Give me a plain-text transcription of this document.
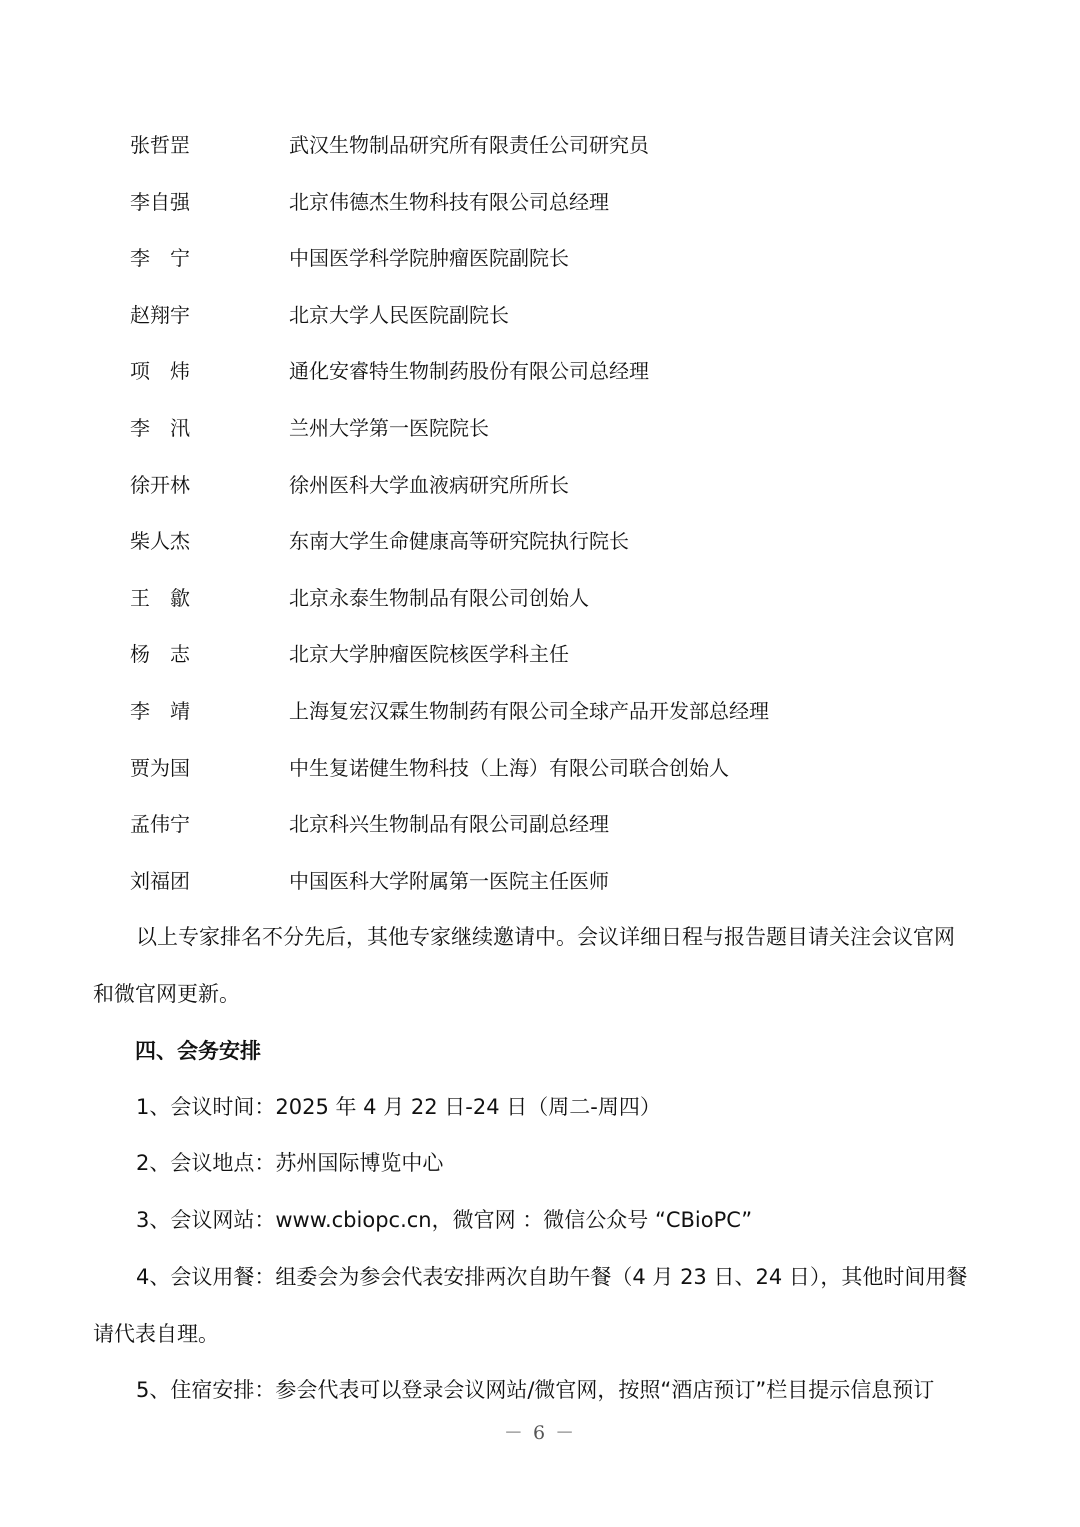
张哲罡	武汉生物制品研究所有限责任公司研究员
李自强	北京伟德杰生物科技有限公司总经理
李　宁	中国医学科学院肿瘤医院副院长
赵翔宇	北京大学人民医院副院长
项　炜	通化安睿特生物制药股份有限公司总经理
李　汛	兰州大学第一医院院长
徐开林	徐州医科大学血液病研究所所长
柴人杰	东南大学生命健康高等研究院执行院长
王　歙	北京永泰生物制品有限公司创始人
杨　志	北京大学肿瘤医院核医学科主任
李　靖	上海复宏汉霖生物制药有限公司全球产品开发部总经理
贾为国	中生复诺健生物科技（上海）有限公司联合创始人
孟伟宁	北京科兴生物制品有限公司副总经理
刘福团	中国医科大学附属第一医院主任医师
以上专家排名不分先后，其他专家继续邀请中。会议详细日程与报告题目请关注会议官网
和微官网更新。
四、会务安排
1、会议时间：2025 年 4 月 22 日-24 日（周二-周四）
2、会议地点：苏州国际博览中心
3、会议网站：www.cbiopc.cn，微官网 ：微信公众号 “CBioPC”
4、会议用餐：组委会为参会代表安排两次自助午餐（4 月 23 日、24 日），其他时间用餐
请代表自理。
5、住宿安排：参会代表可以登录会议网站/微官网，按照“酒店预订”栏目提示信息预订
－ 6 －
